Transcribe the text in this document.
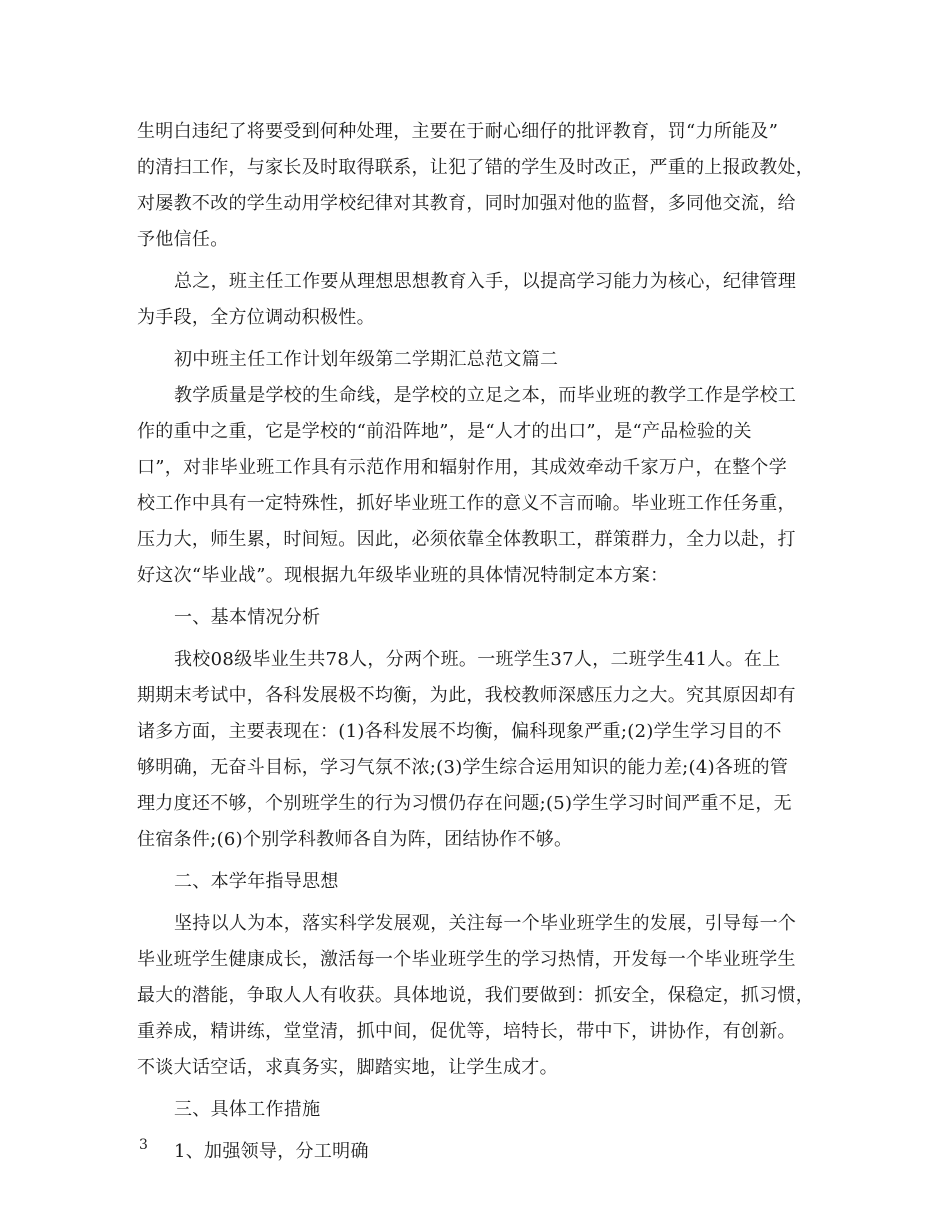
生明白违纪了将要受到何种处理，主要在于耐心细仔的批评教育，罚“力所能及”
的清扫工作，与家长及时取得联系，让犯了错的学生及时改正，严重的上报政教处，
对屡教不改的学生动用学校纪律对其教育，同时加强对他的监督，多同他交流，给
予他信任。

总之，班主任工作要从理想思想教育入手，以提高学习能力为核心，纪律管理
为手段，全方位调动积极性。

初中班主任工作计划年级第二学期汇总范文篇二

教学质量是学校的生命线，是学校的立足之本，而毕业班的教学工作是学校工
作的重中之重，它是学校的“前沿阵地”，是“人才的出口”，是“产品检验的关
口”，对非毕业班工作具有示范作用和辐射作用，其成效牵动千家万户，在整个学
校工作中具有一定特殊性，抓好毕业班工作的意义不言而喻。毕业班工作任务重，
压力大，师生累，时间短。因此，必须依靠全体教职工，群策群力，全力以赴，打
好这次“毕业战”。现根据九年级毕业班的具体情况特制定本方案：

一、基本情况分析

我校08级毕业生共78人，分两个班。一班学生37人，二班学生41人。在上
期期末考试中，各科发展极不均衡，为此，我校教师深感压力之大。究其原因却有
诸多方面，主要表现在：(1)各科发展不均衡，偏科现象严重;(2)学生学习目的不
够明确，无奋斗目标，学习气氛不浓;(3)学生综合运用知识的能力差;(4)各班的管
理力度还不够，个别班学生的行为习惯仍存在问题;(5)学生学习时间严重不足，无
住宿条件;(6)个别学科教师各自为阵，团结协作不够。

二、本学年指导思想

坚持以人为本，落实科学发展观，关注每一个毕业班学生的发展，引导每一个
毕业班学生健康成长，激活每一个毕业班学生的学习热情，开发每一个毕业班学生
最大的潜能，争取人人有收获。具体地说，我们要做到：抓安全，保稳定，抓习惯，
重养成，精讲练，堂堂清，抓中间，促优等，培特长，带中下，讲协作，有创新。
不谈大话空话，求真务实，脚踏实地，让学生成才。

三、具体工作措施

1、加强领导，分工明确

3
